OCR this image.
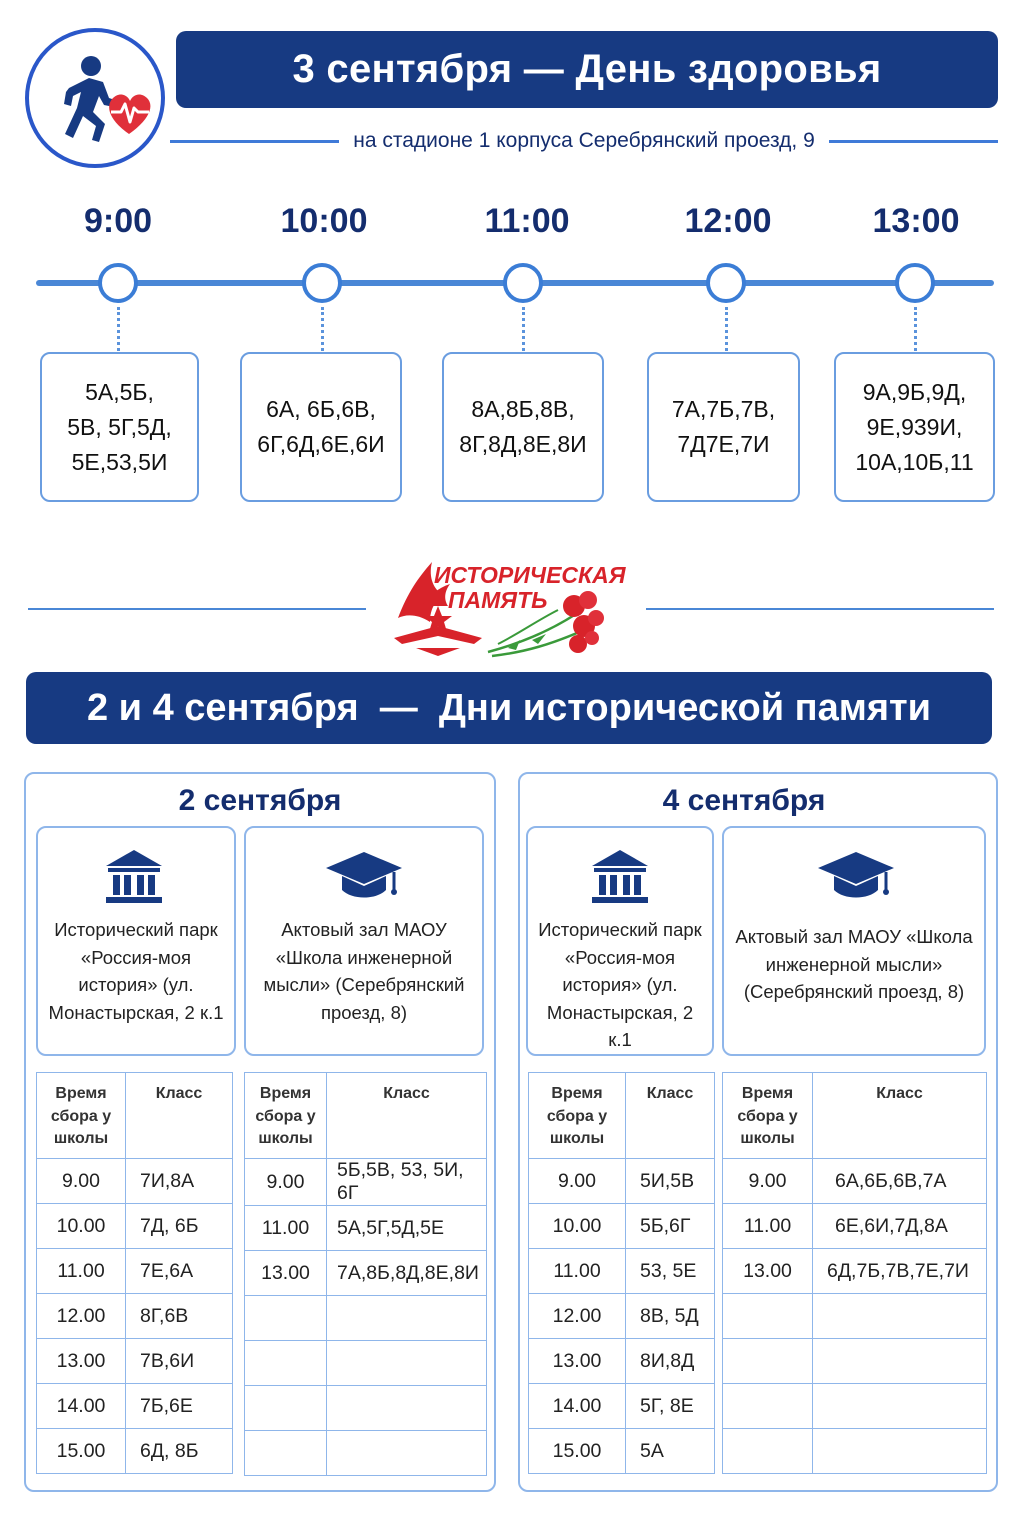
3 сентября — День здоровья
на стадионе 1 корпуса Серебрянский проезд, 9
9:00
5А,5Б,
5В, 5Г,5Д,
5Е,53,5И
10:00
6А, 6Б,6В,
6Г,6Д,6Е,6И
11:00
8А,8Б,8В,
8Г,8Д,8Е,8И
12:00
7А,7Б,7В,
7Д7Е,7И
13:00
9А,9Б,9Д,
9Е,939И,
10А,10Б,11
ИСТОРИЧЕСКАЯ
ПАМЯТЬ
2 и 4 сентября  —  Дни исторической памяти
2 сентября
Исторический парк
«Россия-моя
история» (ул.
Монастырская, 2 к.1
Актовый зал МАОУ
«Школа инженерной
мысли» (Серебрянский
проезд, 8)
Время
сбора у
школы	Класс
9.00	7И,8А
10.00	7Д, 6Б
11.00	7Е,6А
12.00	8Г,6В
13.00	7В,6И
14.00	7Б,6Е
15.00	6Д, 8Б
Время
сбора у
школы	Класс
9.00	5Б,5В, 53, 5И, 6Г
11.00	5А,5Г,5Д,5Е
13.00	7А,8Б,8Д,8Е,8И

4 сентября
Исторический парк
«Россия-моя
история» (ул.
Монастырская, 2
к.1
Актовый зал МАОУ «Школа
инженерной мысли»
(Серебрянский проезд, 8)
Время
сбора у
школы	Класс
9.00	5И,5В
10.00	5Б,6Г
11.00	53, 5Е
12.00	8В, 5Д
13.00	8И,8Д
14.00	5Г, 8Е
15.00	5А
Время
сбора у
школы	Класс
9.00	6А,6Б,6В,7А
11.00	6Е,6И,7Д,8А
13.00	6Д,7Б,7В,7Е,7И
